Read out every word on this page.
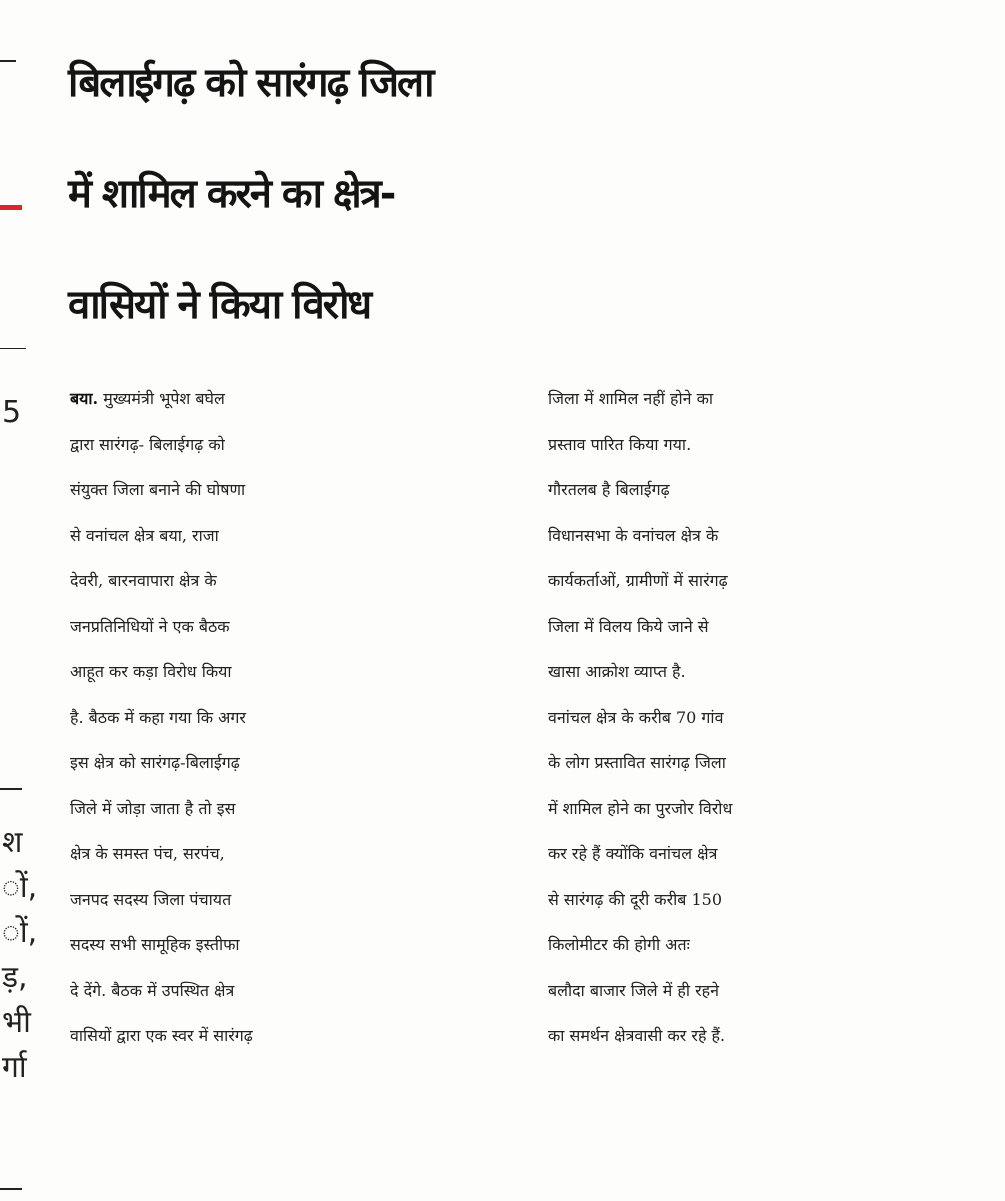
5
श
ों,
ों,
ड़,
भी
र्गा
बिलाईगढ़ को सारंगढ़ जिला
में शामिल करने का क्षेत्र-
वासियों ने किया विरोध
बया. मुख्यमंत्री भूपेश बघेल
द्वारा सारंगढ़- बिलाईगढ़ को
संयुक्त जिला बनाने की घोषणा
से वनांचल क्षेत्र बया, राजा
देवरी, बारनवापारा क्षेत्र के
जनप्रतिनिधियों ने एक बैठक
आहूत कर कड़ा विरोध किया
है. बैठक में कहा गया कि अगर
इस क्षेत्र को सारंगढ़-बिलाईगढ़
जिले में जोड़ा जाता है तो इस
क्षेत्र के समस्त पंच, सरपंच,
जनपद सदस्य जिला पंचायत
सदस्य सभी सामूहिक इस्तीफा
दे देंगे. बैठक में उपस्थित क्षेत्र
वासियों द्वारा एक स्वर में सारंगढ़
जिला में शामिल नहीं होने का
प्रस्ताव पारित किया गया.
गौरतलब है बिलाईगढ़
विधानसभा के वनांचल क्षेत्र के
कार्यकर्ताओं, ग्रामीणों में सारंगढ़
जिला में विलय किये जाने से
खासा आक्रोश व्याप्त है.
वनांचल क्षेत्र के करीब 70 गांव
के लोग प्रस्तावित सारंगढ़ जिला
में शामिल होने का पुरजोर विरोध
कर रहे हैं क्योंकि वनांचल क्षेत्र
से सारंगढ़ की दूरी करीब 150
किलोमीटर की होगी अतः
बलौदा बाजार जिले में ही रहने
का समर्थन क्षेत्रवासी कर रहे हैं.
